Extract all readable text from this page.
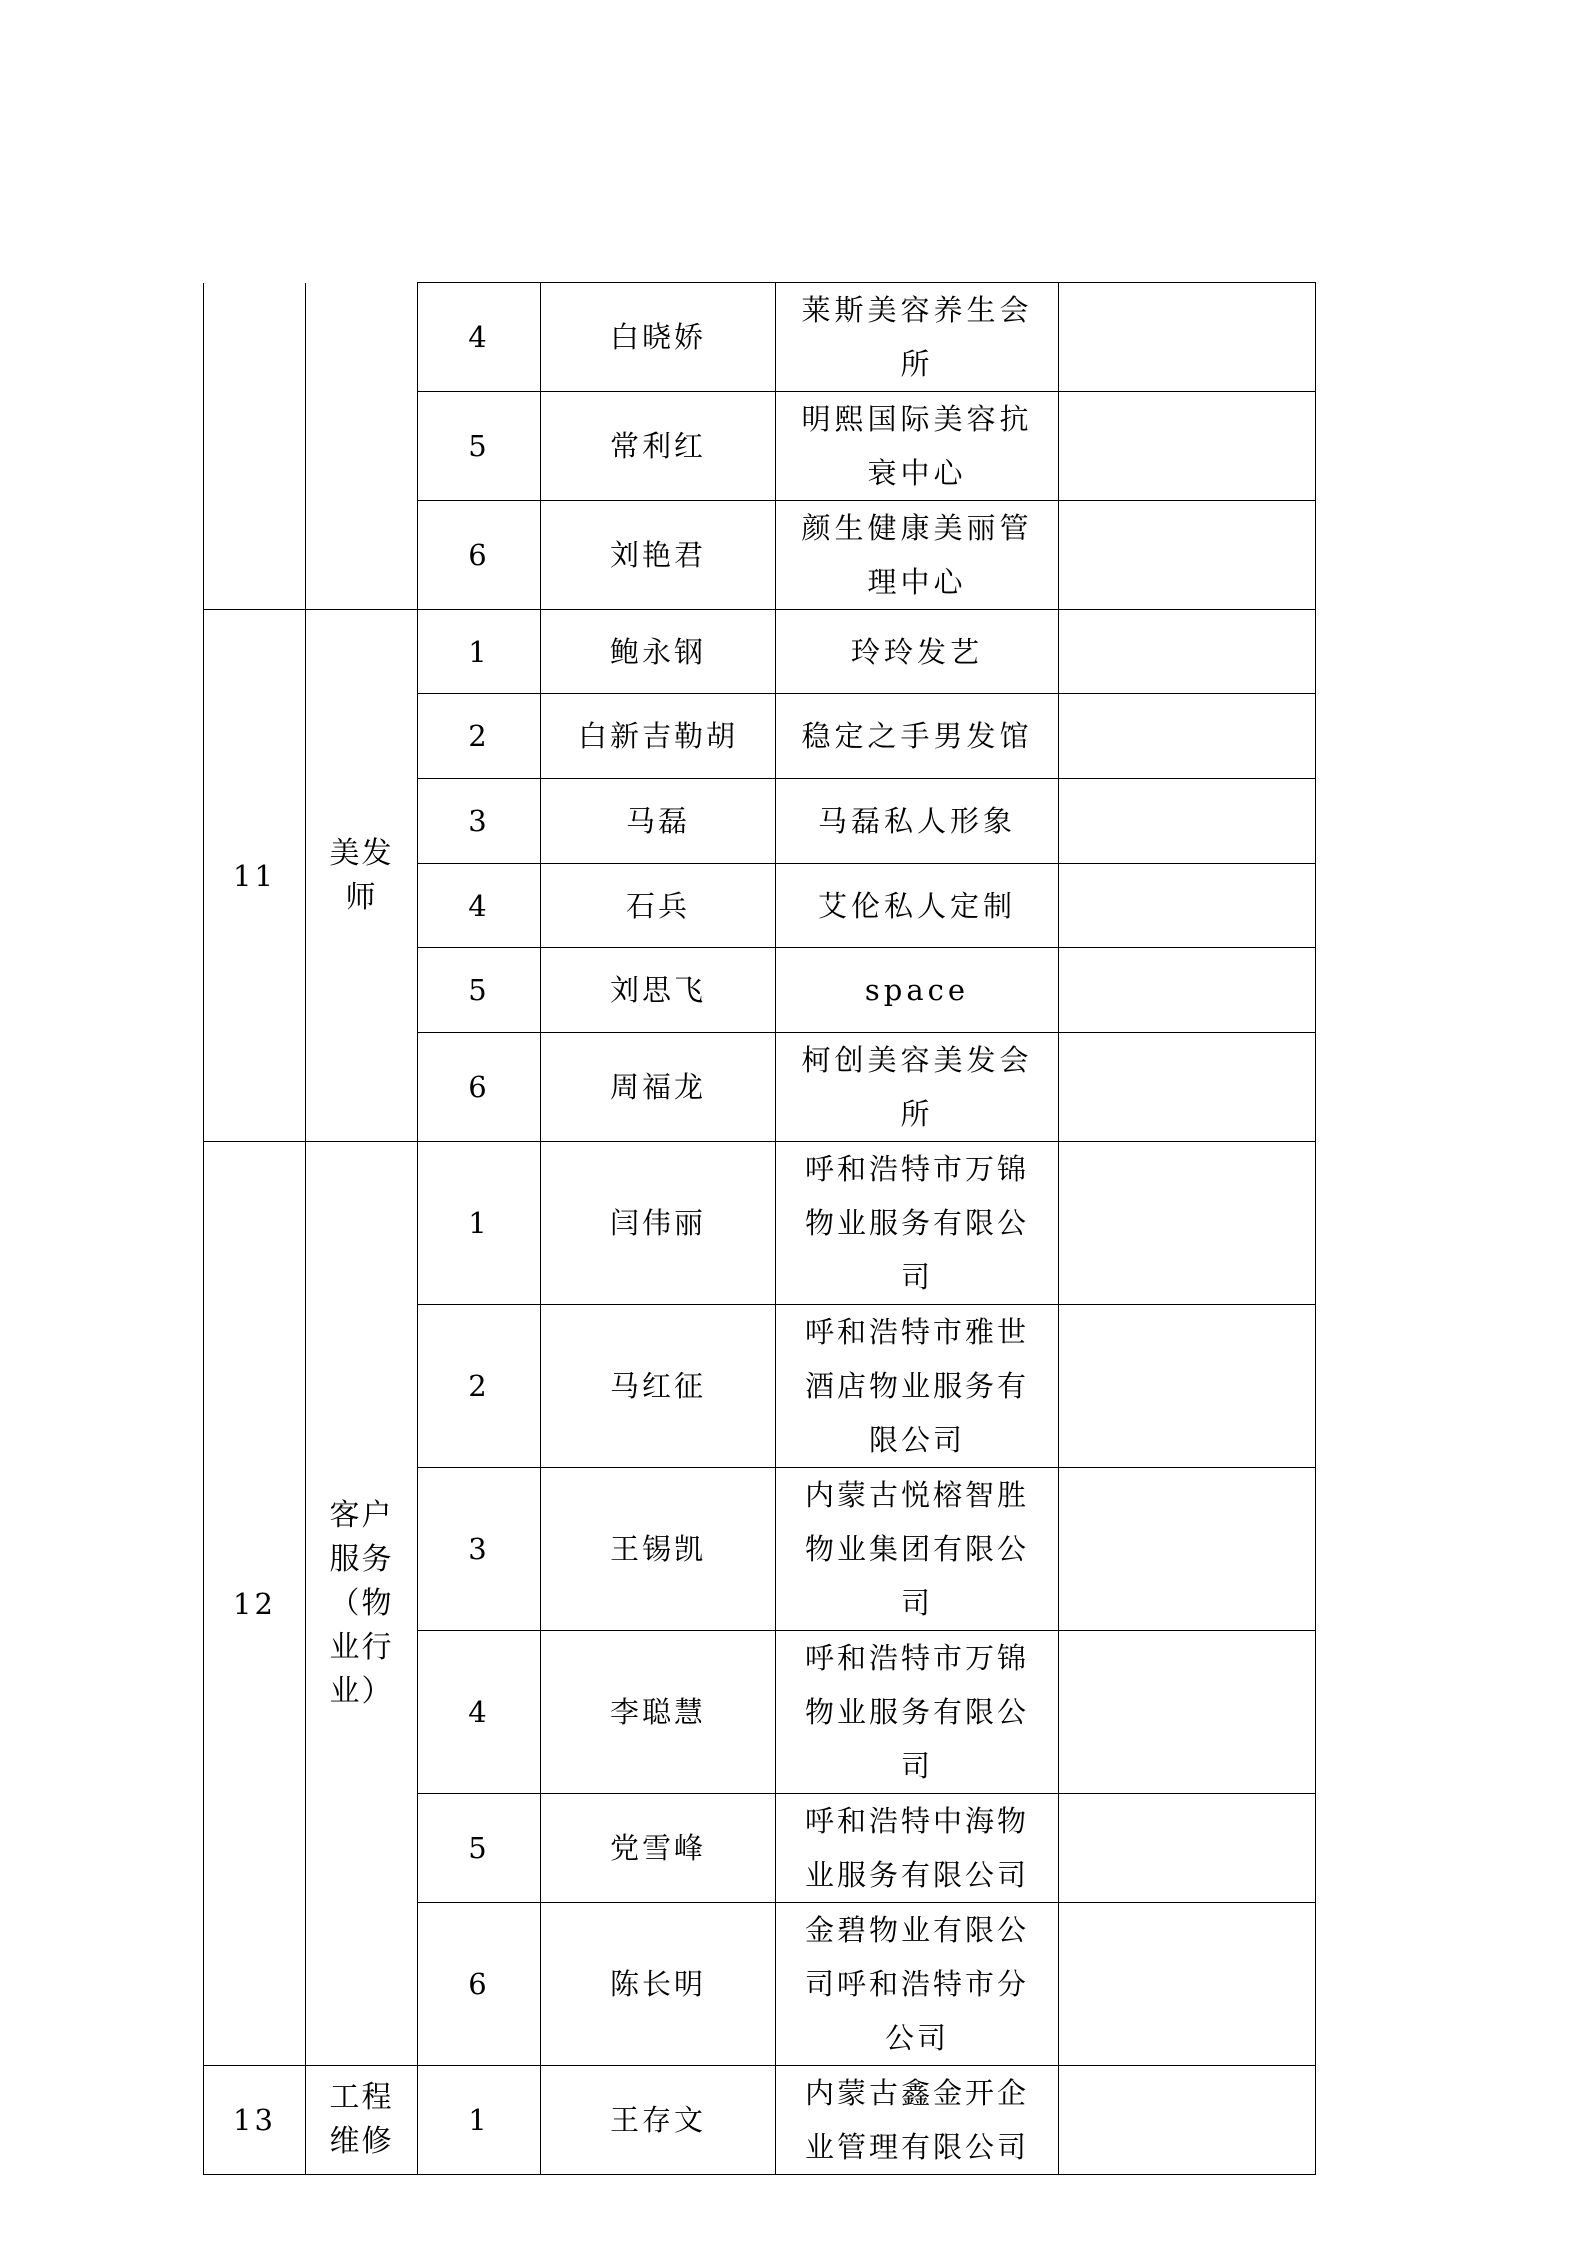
		4	白晓娇	莱斯美容养生会所	

		5	常利红	明熙国际美容抗衰中心	

		6	刘艳君	颜生健康美丽管理中心	

11	美发师	1	鲍永钢	玲玲发艺	

		2	白新吉勒胡	稳定之手男发馆	

		3	马磊	马磊私人形象	

		4	石兵	艾伦私人定制	

		5	刘思飞	space	

		6	周福龙	柯创美容美发会所	

12	客户服务（物业行业）	1	闫伟丽	呼和浩特市万锦物业服务有限公司	

		2	马红征	呼和浩特市雅世酒店物业服务有限公司	

		3	王锡凯	内蒙古悦榕智胜物业集团有限公司	

		4	李聪慧	呼和浩特市万锦物业服务有限公司	

		5	党雪峰	呼和浩特中海物业服务有限公司	

		6	陈长明	金碧物业有限公司呼和浩特市分公司	

13	工程维修	1	王存文	内蒙古鑫金开企业管理有限公司	
